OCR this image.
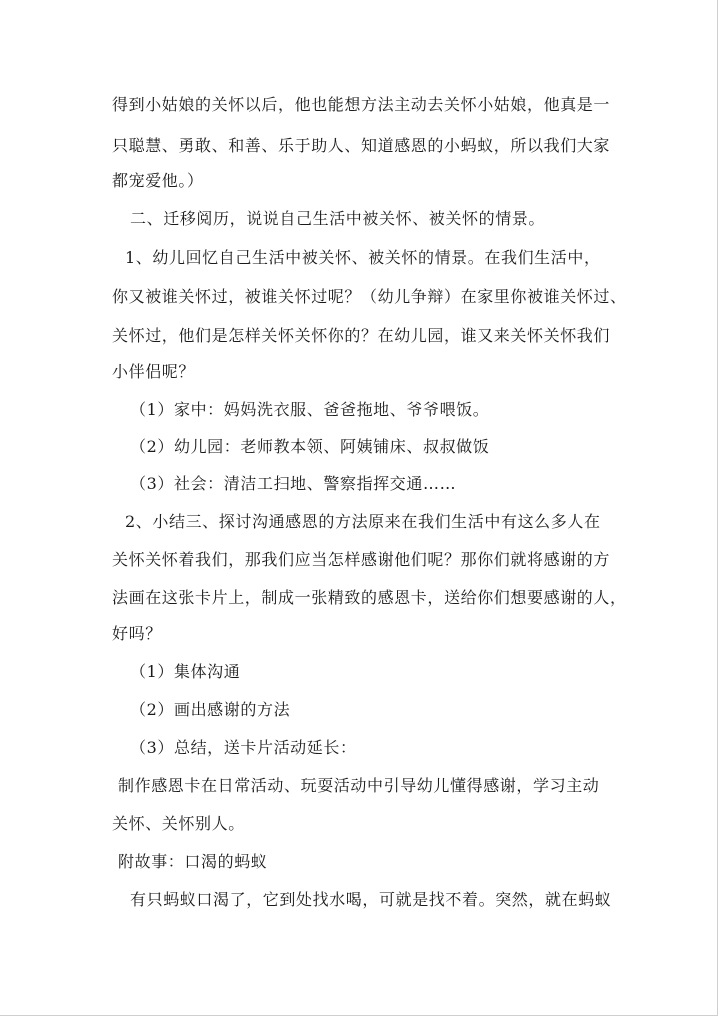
得到小姑娘的关怀以后，他也能想方法主动去关怀小姑娘，他真是一
只聪慧、勇敢、和善、乐于助人、知道感恩的小蚂蚁，所以我们大家
都宠爱他。）
二、迁移阅历，说说自己生活中被关怀、被关怀的情景。
1、幼儿回忆自己生活中被关怀、被关怀的情景。在我们生活中，
你又被谁关怀过，被谁关怀过呢？（幼儿争辩）在家里你被谁关怀过、
关怀过，他们是怎样关怀关怀你的？在幼儿园，谁又来关怀关怀我们
小伴侣呢？
（1）家中：妈妈洗衣服、爸爸拖地、爷爷喂饭。
（2）幼儿园：老师教本领、阿姨铺床、叔叔做饭
（3）社会：清洁工扫地、警察指挥交通……
2、小结三、探讨沟通感恩的方法原来在我们生活中有这么多人在
关怀关怀着我们，那我们应当怎样感谢他们呢？那你们就将感谢的方
法画在这张卡片上，制成一张精致的感恩卡，送给你们想要感谢的人，
好吗？
（1）集体沟通
（2）画出感谢的方法
（3）总结，送卡片活动延长：
制作感恩卡在日常活动、玩耍活动中引导幼儿懂得感谢，学习主动
关怀、关怀别人。
附故事：口渴的蚂蚁
有只蚂蚁口渴了，它到处找水喝，可就是找不着。突然，就在蚂蚁
